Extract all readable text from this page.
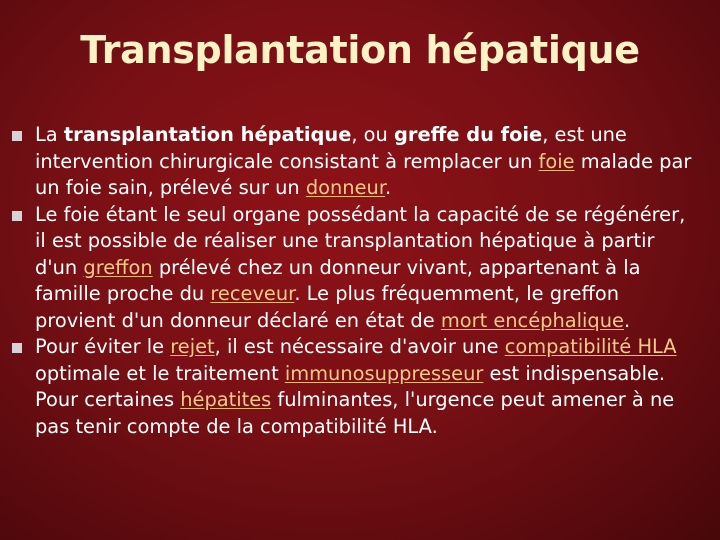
Transplantation hépatique
La transplantation hépatique, ou greffe du foie, est une intervention chirurgicale consistant à remplacer un foie malade par un foie sain, prélevé sur un donneur.
Le foie étant le seul organe possédant la capacité de se régénérer, il est possible de réaliser une transplantation hépatique à partir d'un greffon prélevé chez un donneur vivant, appartenant à la famille proche du receveur. Le plus fréquemment, le greffon provient d'un donneur déclaré en état de mort encéphalique.
Pour éviter le rejet, il est nécessaire d'avoir une compatibilité HLA optimale et le traitement immunosuppresseur est indispensable. Pour certaines hépatites fulminantes, l'urgence peut amener à ne pas tenir compte de la compatibilité HLA.
